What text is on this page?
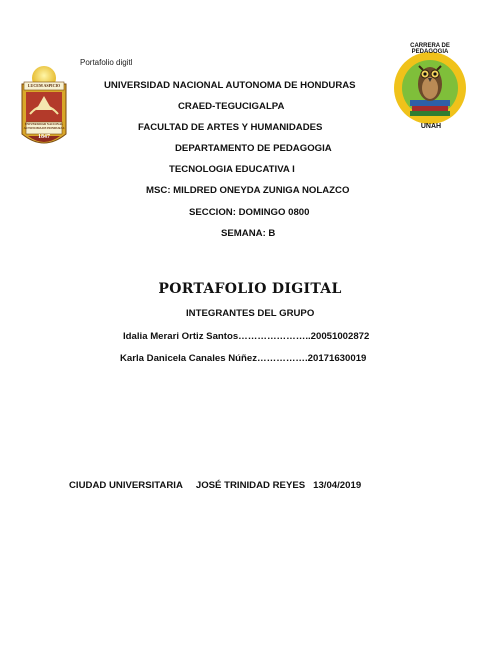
Portafolio digitl
LUCEM ASPICIO
UNIVERSIDAD NACIONAL AUTONOMA DE HONDURAS
1847
CARRERA DE PEDAGOGIA
UNAH
UNIVERSIDAD NACIONAL AUTONOMA DE HONDURAS
CRAED-TEGUCIGALPA
FACULTAD DE ARTES Y HUMANIDADES
DEPARTAMENTO DE PEDAGOGIA
TECNOLOGIA EDUCATIVA I
MSC: MILDRED ONEYDA ZUNIGA NOLAZCO
SECCION: DOMINGO 0800
SEMANA: B
PORTAFOLIO DIGITAL
INTEGRANTES DEL GRUPO
Idalia Merari Ortiz Santos…………………..20051002872
Karla Danicela Canales Núñez…………….20171630019
CIUDAD UNIVERSITARIA     JOSÉ TRINIDAD REYES   13/04/2019
